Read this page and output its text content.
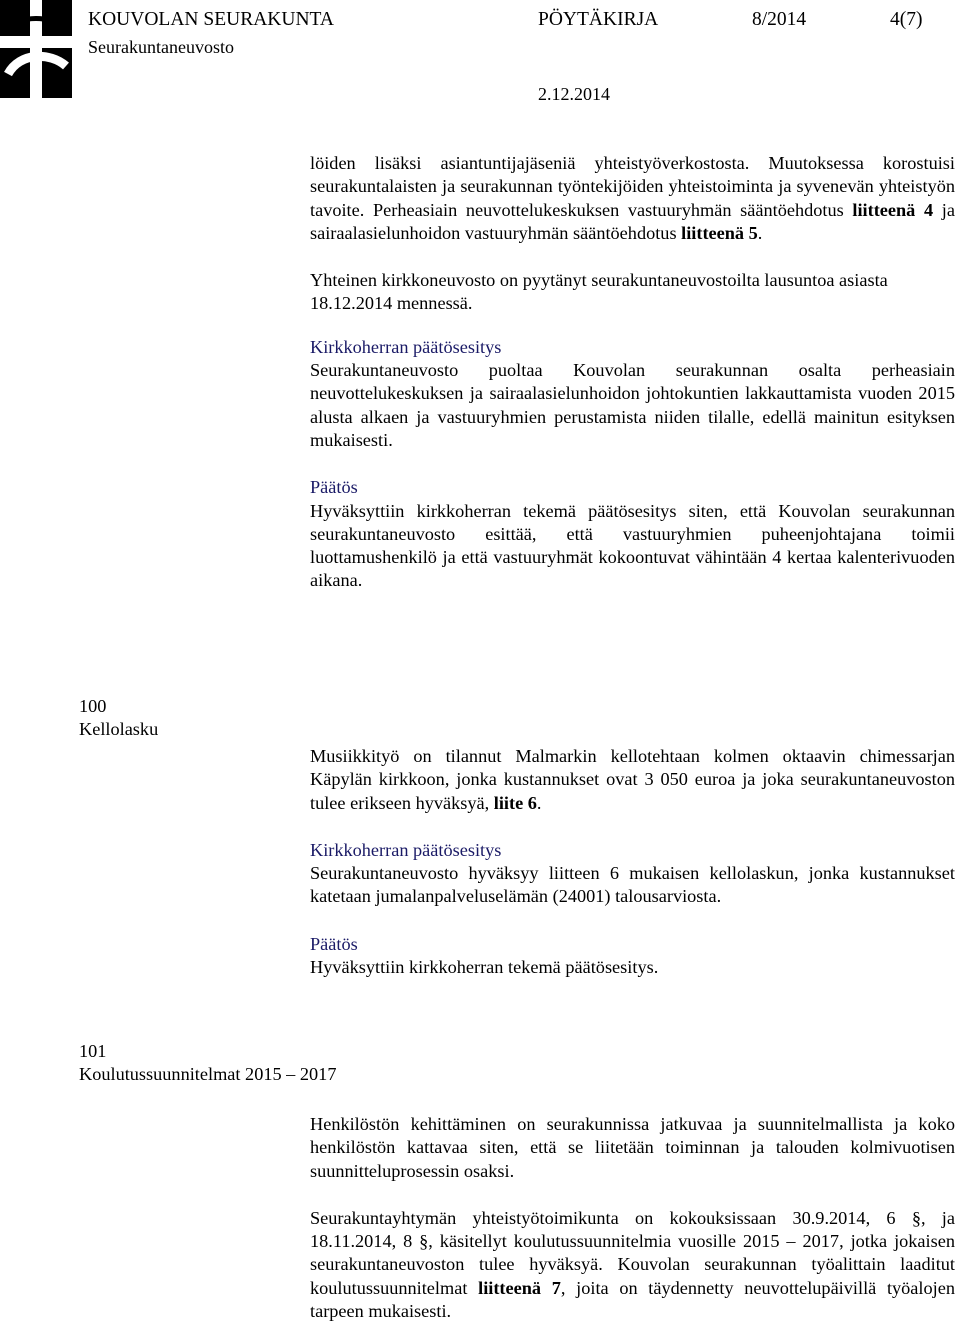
KOUVOLAN SEURAKUNTA
Seurakuntaneuvosto
PÖYTÄKIRJA	8/2014	4(7)
2.12.2014

löiden lisäksi asiantuntijajäseniä yhteistyöverkostosta. Muutoksessa korostuisi seurakuntalaisten ja seurakunnan työntekijöiden yhteistoiminta ja syvenevän yhteistyön tavoite. Perheasiain neuvottelukeskuksen vastuuryhmän sääntöehdotus liitteenä 4 ja sairaalasielunhoidon vastuuryhmän sääntöehdotus liitteenä 5.

Yhteinen kirkkoneuvosto on pyytänyt seurakuntaneuvostoilta lausuntoa asiasta 18.12.2014 mennessä.

Kirkkoherran päätösesitys

Seurakuntaneuvosto puoltaa Kouvolan seurakunnan osalta perheasiain neuvottelukeskuksen ja sairaalasielunhoidon johtokuntien lakkauttamista vuoden 2015 alusta alkaen ja vastuuryhmien perustamista niiden tilalle, edellä mainitun esityksen mukaisesti.

Päätös

Hyväksyttiin kirkkoherran tekemä päätösesitys siten, että Kouvolan seurakunnan seurakuntaneuvosto esittää, että vastuuryhmien puheenjohtajana toimii luottamushenkilö ja että vastuuryhmät kokoontuvat vähintään 4 kertaa kalenterivuoden aikana.

100
Kellolasku

Musiikkityö on tilannut Malmarkin kellotehtaan kolmen oktaavin chimessarjan Käpylän kirkkoon, jonka kustannukset ovat 3 050 euroa ja joka seurakuntaneuvoston tulee erikseen hyväksyä, liite 6.

Kirkkoherran päätösesitys

Seurakuntaneuvosto hyväksyy liitteen 6 mukaisen kellolaskun, jonka kustannukset katetaan jumalanpalveluselämän (24001) talousarviosta.

Päätös

Hyväksyttiin kirkkoherran tekemä päätösesitys.

101
Koulutussuunnitelmat 2015 – 2017

Henkilöstön kehittäminen on seurakunnissa jatkuvaa ja suunnitelmallista ja koko henkilöstön kattavaa siten, että se liitetään toiminnan ja talouden kolmivuotisen suunnitteluprosessin osaksi.

Seurakuntayhtymän yhteistyötoimikunta on kokouksissaan 30.9.2014, 6 §, ja 18.11.2014, 8 §, käsitellyt koulutussuunnitelmia vuosille 2015 – 2017, jotka jokaisen seurakuntaneuvoston tulee hyväksyä. Kouvolan seurakunnan työalittain laaditut koulutussuunnitelmat liitteenä 7, joita on täydennetty neuvottelupäivillä työalojen tarpeen mukaisesti.
